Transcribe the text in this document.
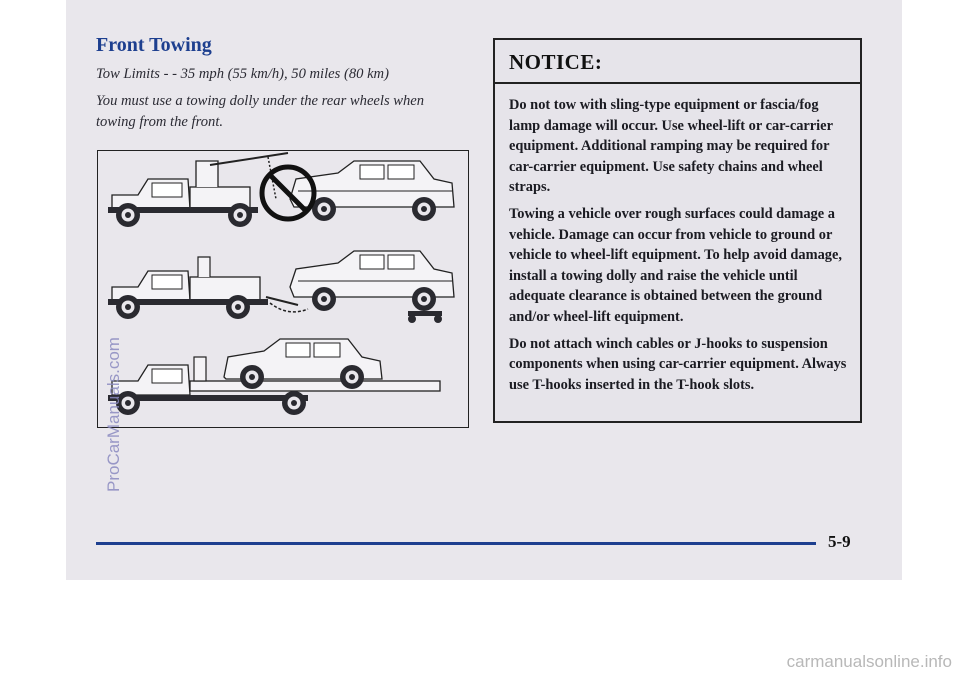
Front Towing
Tow Limits - - 35 mph (55 km/h), 50 miles (80 km)
You must use a towing dolly under the rear wheels when towing from the front.
NOTICE:

Do not tow with sling-type equipment or fascia/fog lamp damage will occur. Use wheel-lift or car-carrier equipment. Additional ramping may be required for car-carrier equipment. Use safety chains and wheel straps.

Towing a vehicle over rough surfaces could damage a vehicle. Damage can occur from vehicle to ground or vehicle to wheel-lift equipment. To help avoid damage, install a towing dolly and raise the vehicle until adequate clearance is obtained between the ground and/or wheel-lift equipment.

Do not attach winch cables or J-hooks to suspension components when using car-carrier equipment. Always use T-hooks inserted in the T-hook slots.

5-9
ProCarManuals.com
carmanualsonline.info
